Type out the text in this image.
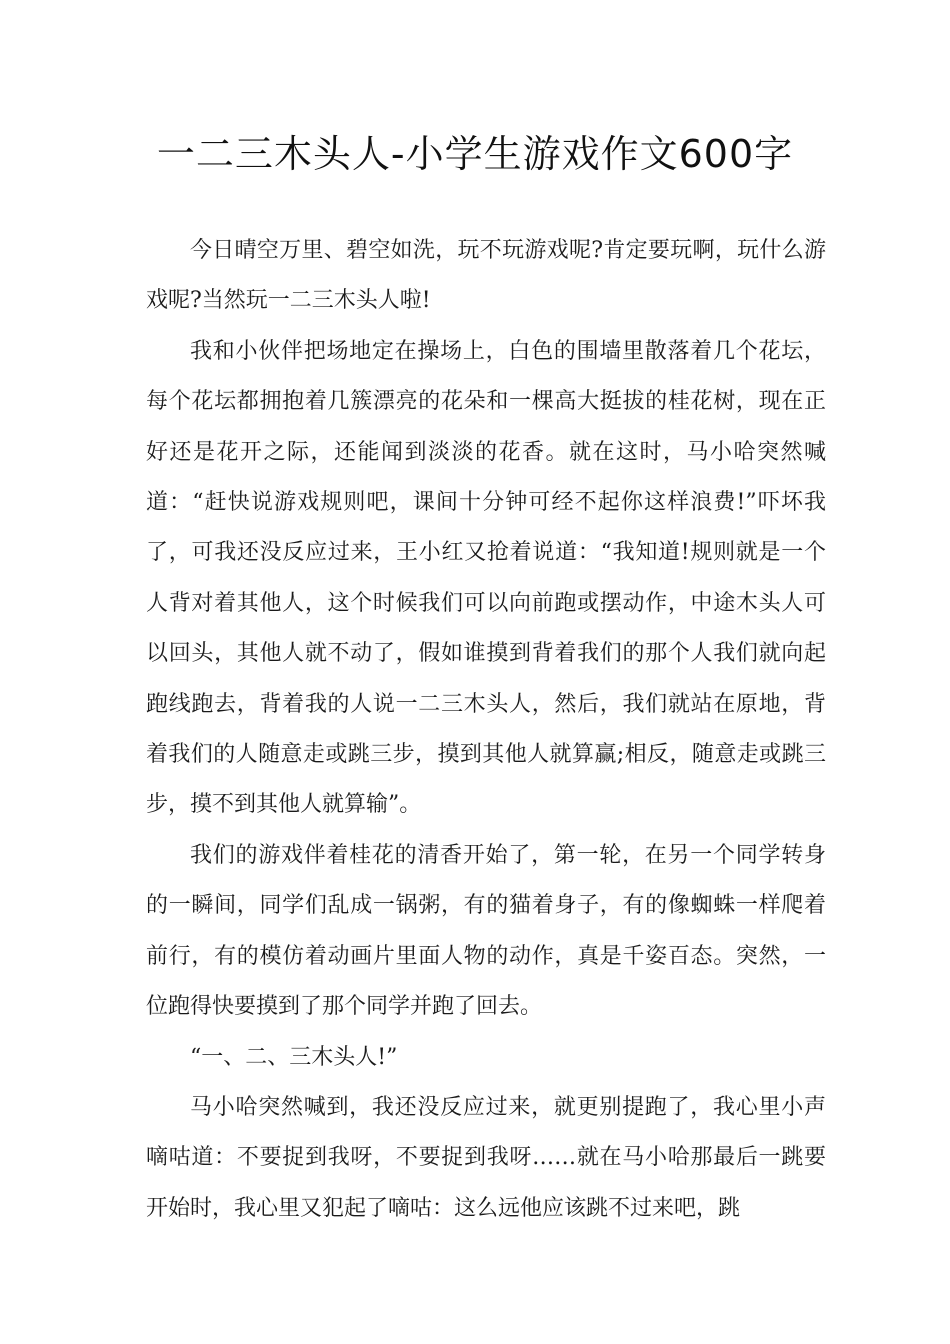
一二三木头人-小学生游戏作文600字

今日晴空万里、碧空如洗，玩不玩游戏呢?肯定要玩啊，玩什么游戏呢?当然玩一二三木头人啦!

我和小伙伴把场地定在操场上，白色的围墙里散落着几个花坛，每个花坛都拥抱着几簇漂亮的花朵和一棵高大挺拔的桂花树，现在正好还是花开之际，还能闻到淡淡的花香。就在这时，马小哈突然喊道：“赶快说游戏规则吧，课间十分钟可经不起你这样浪费!”吓坏我了，可我还没反应过来，王小红又抢着说道：“我知道!规则就是一个人背对着其他人，这个时候我们可以向前跑或摆动作，中途木头人可以回头，其他人就不动了，假如谁摸到背着我们的那个人我们就向起跑线跑去，背着我的人说一二三木头人，然后，我们就站在原地，背着我们的人随意走或跳三步，摸到其他人就算赢;相反，随意走或跳三步，摸不到其他人就算输”。

我们的游戏伴着桂花的清香开始了，第一轮，在另一个同学转身的一瞬间，同学们乱成一锅粥，有的猫着身子，有的像蜘蛛一样爬着前行，有的模仿着动画片里面人物的动作，真是千姿百态。突然，一位跑得快要摸到了那个同学并跑了回去。

“一、二、三木头人!”

马小哈突然喊到，我还没反应过来，就更别提跑了，我心里小声嘀咕道：不要捉到我呀，不要捉到我呀……就在马小哈那最后一跳要开始时，我心里又犯起了嘀咕：这么远他应该跳不过来吧，跳
